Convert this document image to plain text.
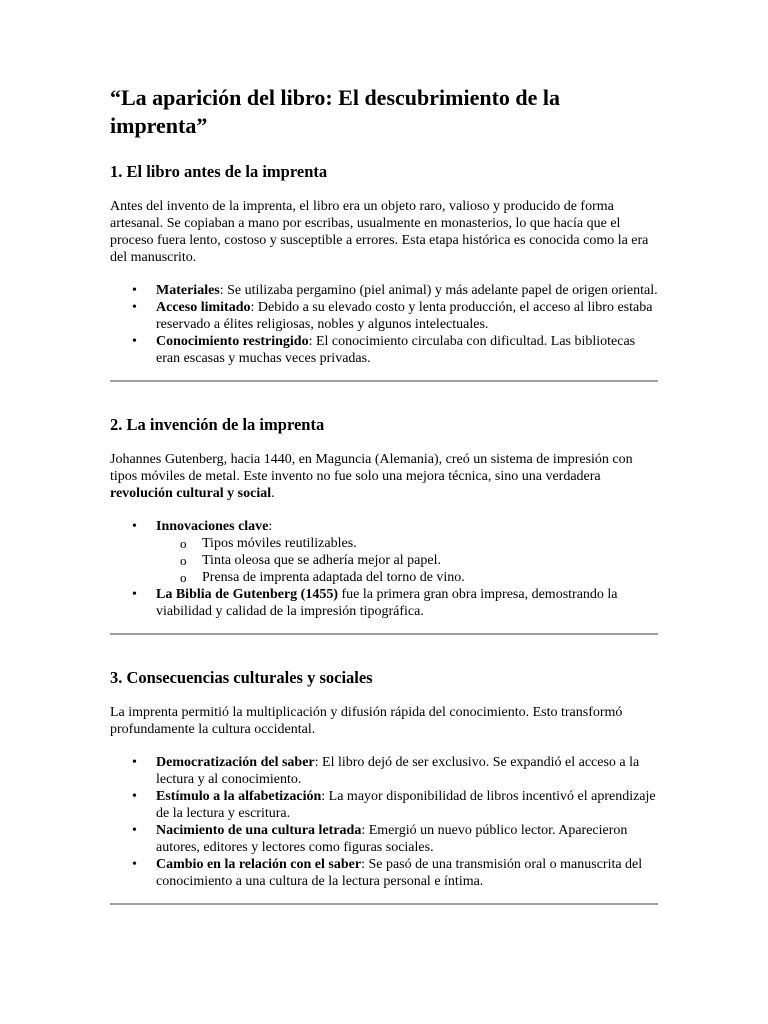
“La aparición del libro: El descubrimiento de la imprenta”
1. El libro antes de la imprenta

Antes del invento de la imprenta, el libro era un objeto raro, valioso y producido de forma artesanal. Se copiaban a mano por escribas, usualmente en monasterios, lo que hacía que el proceso fuera lento, costoso y susceptible a errores. Esta etapa histórica es conocida como la era del manuscrito.

• Materiales: Se utilizaba pergamino (piel animal) y más adelante papel de origen oriental.
• Acceso limitado: Debido a su elevado costo y lenta producción, el acceso al libro estaba reservado a élites religiosas, nobles y algunos intelectuales.
• Conocimiento restringido: El conocimiento circulaba con dificultad. Las bibliotecas eran escasas y muchas veces privadas.
2. La invención de la imprenta

Johannes Gutenberg, hacia 1440, en Maguncia (Alemania), creó un sistema de impresión con tipos móviles de metal. Este invento no fue solo una mejora técnica, sino una verdadera revolución cultural y social.

• Innovaciones clave:
o Tipos móviles reutilizables.
o Tinta oleosa que se adhería mejor al papel.
o Prensa de imprenta adaptada del torno de vino.
• La Biblia de Gutenberg (1455) fue la primera gran obra impresa, demostrando la viabilidad y calidad de la impresión tipográfica.
3. Consecuencias culturales y sociales

La imprenta permitió la multiplicación y difusión rápida del conocimiento. Esto transformó profundamente la cultura occidental.

• Democratización del saber: El libro dejó de ser exclusivo. Se expandió el acceso a la lectura y al conocimiento.
• Estímulo a la alfabetización: La mayor disponibilidad de libros incentivó el aprendizaje de la lectura y escritura.
• Nacimiento de una cultura letrada: Emergió un nuevo público lector. Aparecieron autores, editores y lectores como figuras sociales.
• Cambio en la relación con el saber: Se pasó de una transmisión oral o manuscrita del conocimiento a una cultura de la lectura personal e íntima.
